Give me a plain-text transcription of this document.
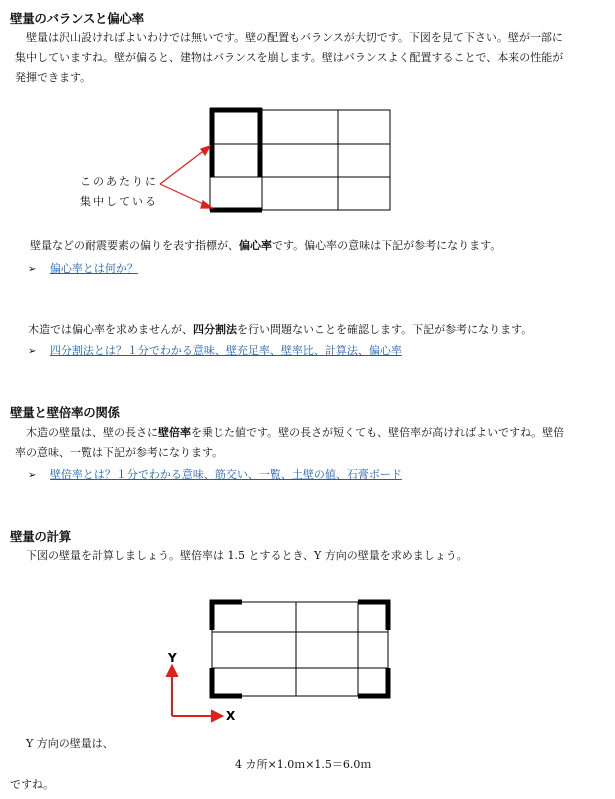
壁量のバランスと偏心率
　壁量は沢山設ければよいわけでは無いです。壁の配置もバランスが大切です。下図を見て下さい。壁が一部に
集中していますね。壁が偏ると、建物はバランスを崩します。壁はバランスよく配置することで、本来の性能が
発揮できます。
このあたりに
集中している
壁量などの耐震要素の偏りを表す指標が、偏心率です。偏心率の意味は下記が参考になります。
➢ 偏心率とは何か？
木造では偏心率を求めませんが、四分割法を行い問題ないことを確認します。下記が参考になります。
➢ 四分割法とは？１分でわかる意味、壁充足率、壁率比、計算法、偏心率
壁量と壁倍率の関係
　木造の壁量は、壁の長さに壁倍率を乗じた値です。壁の長さが短くても、壁倍率が高ければよいですね。壁倍
率の意味、一覧は下記が参考になります。
➢ 壁倍率とは？１分でわかる意味、筋交い、一覧、土壁の値、石膏ボード
壁量の計算
　下図の壁量を計算しましょう。壁倍率は 1.5 とするとき、Y 方向の壁量を求めましょう。
Y
X
　Y 方向の壁量は、
4 カ所×1.0ｍ×1.5＝6.0ｍ
ですね。
